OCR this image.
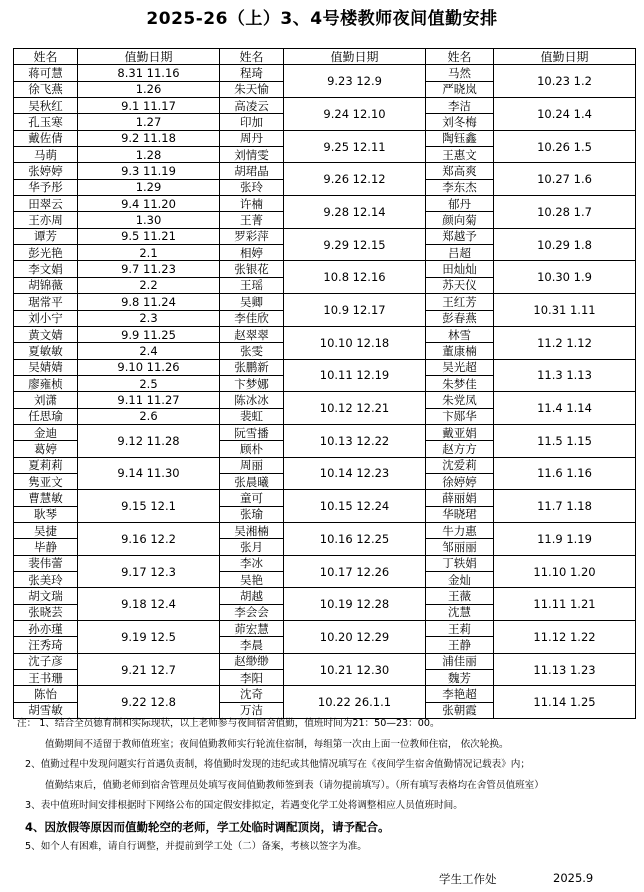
2025-26（上）3、4号楼教师夜间值勤安排
姓名	值勤日期	姓名	值勤日期	姓名	值勤日期
蒋可慧	8.31 11.16	程琦	9.23 12.9	马然	10.23 1.2
徐飞燕	1.26	朱天愉		严晓岚	
吴秋红	9.1 11.17	高凌云	9.24 12.10	李洁	10.24 1.4
孔玉寒	1.27	印加		刘冬梅	
戴佐倩	9.2 11.18	周丹	9.25 12.11	陶钰鑫	10.26 1.5
马萌	1.28	刘情雯		王惠文	
张婷婷	9.3 11.19	胡珺晶	9.26 12.12	郑高爽	10.27 1.6
华予彤	1.29	张玲		李东杰	
田翠云	9.4 11.20	许楠	9.28 12.14	郁丹	10.28 1.7
王亦周	1.30	王菁		颜向菊	
谭芳	9.5 11.21	罗彩萍	9.29 12.15	郑越予	10.29 1.8
彭光艳	2.1	相婷		吕超	
李文娟	9.7 11.23	张银花	10.8 12.16	田灿灿	10.30 1.9
胡锦薇	2.2	王瑶		苏天仪	
琚常平	9.8 11.24	吴卿	10.9 12.17	王红芳	10.31 1.11
刘小宁	2.3	李佳欣		彭春燕	
黄文婧	9.9 11.25	赵翠翠	10.10 12.18	林雪	11.2 1.12
夏敏敏	2.4	张雯		董康楠	
吴婧婧	9.10 11.26	张鹏新	10.11 12.19	吴光超	11.3 1.13
廖雍桢	2.5	卞梦娜		朱梦佳	
刘潇	9.11 11.27	陈冰冰	10.12 12.21	朱党凤	11.4 1.14
任思瑜	2.6	裴虹		卞郧华	
金迪	9.12 11.28	阮雪播	10.13 12.22	戴亚娟	11.5 1.15
葛婷		顾朴		赵方方	
夏莉莉	9.14 11.30	周丽	10.14 12.23	沈爱莉	11.6 1.16
隽亚文		张晨曦		徐婷婷	
曹慧敏	9.15 12.1	童可	10.15 12.24	薛丽娟	11.7 1.18
耿琴		张瑜		华晓珺	
吴捷	9.16 12.2	吴湘楠	10.16 12.25	牛力惠	11.9 1.19
毕静		张月		邹丽丽	
裴伟蕾	9.17 12.3	李冰	10.17 12.26	丁轶娟	11.10 1.20
张美玲		吴艳		金灿	
胡文瑞	9.18 12.4	胡越	10.19 12.28	王薇	11.11 1.21
张晓芸		李会会		沈慧	
孙亦瑾	9.19 12.5	茆宏慧	10.20 12.29	王莉	11.12 1.22
汪秀琦		李晨		王静	
沈子彦	9.21 12.7	赵缈缈	10.21 12.30	浦佳丽	11.13 1.23
王书珊		李阳		魏芳	
陈怡	9.22 12.8	沈奇	10.22 26.1.1	李艳超	11.14 1.25
胡雪敏		万洁		张朝霞	
注： 1、结合全员德育制和实际现状，以上老师参与夜间宿舍值勤，值班时间为21：50—23：00。
值勤期间不适留于教师值班室；夜间值勤教师实行轮流住宿制，每组第一次由上面一位教师住宿， 依次轮换。
2、值勤过程中发现问题实行首遇负责制，将值勤时发现的违纪或其他情况填写在《夜间学生宿舍值勤情况记载表》内；
值勤结束后，值勤老师到宿舍管理员处填写夜间值勤教师签到表（请勿提前填写）。（所有填写表格均在舍管员值班室）
3、表中值班时间安排根据时下网络公布的国定假安排拟定，若遇变化学工处将调整相应人员值班时间。
4、因放假等原因而值勤轮空的老师，学工处临时调配顶岗，请予配合。
5、如个人有困难，请自行调整，并提前到学工处（二）备案，考核以签字为准。
学生工作处	2025.9
